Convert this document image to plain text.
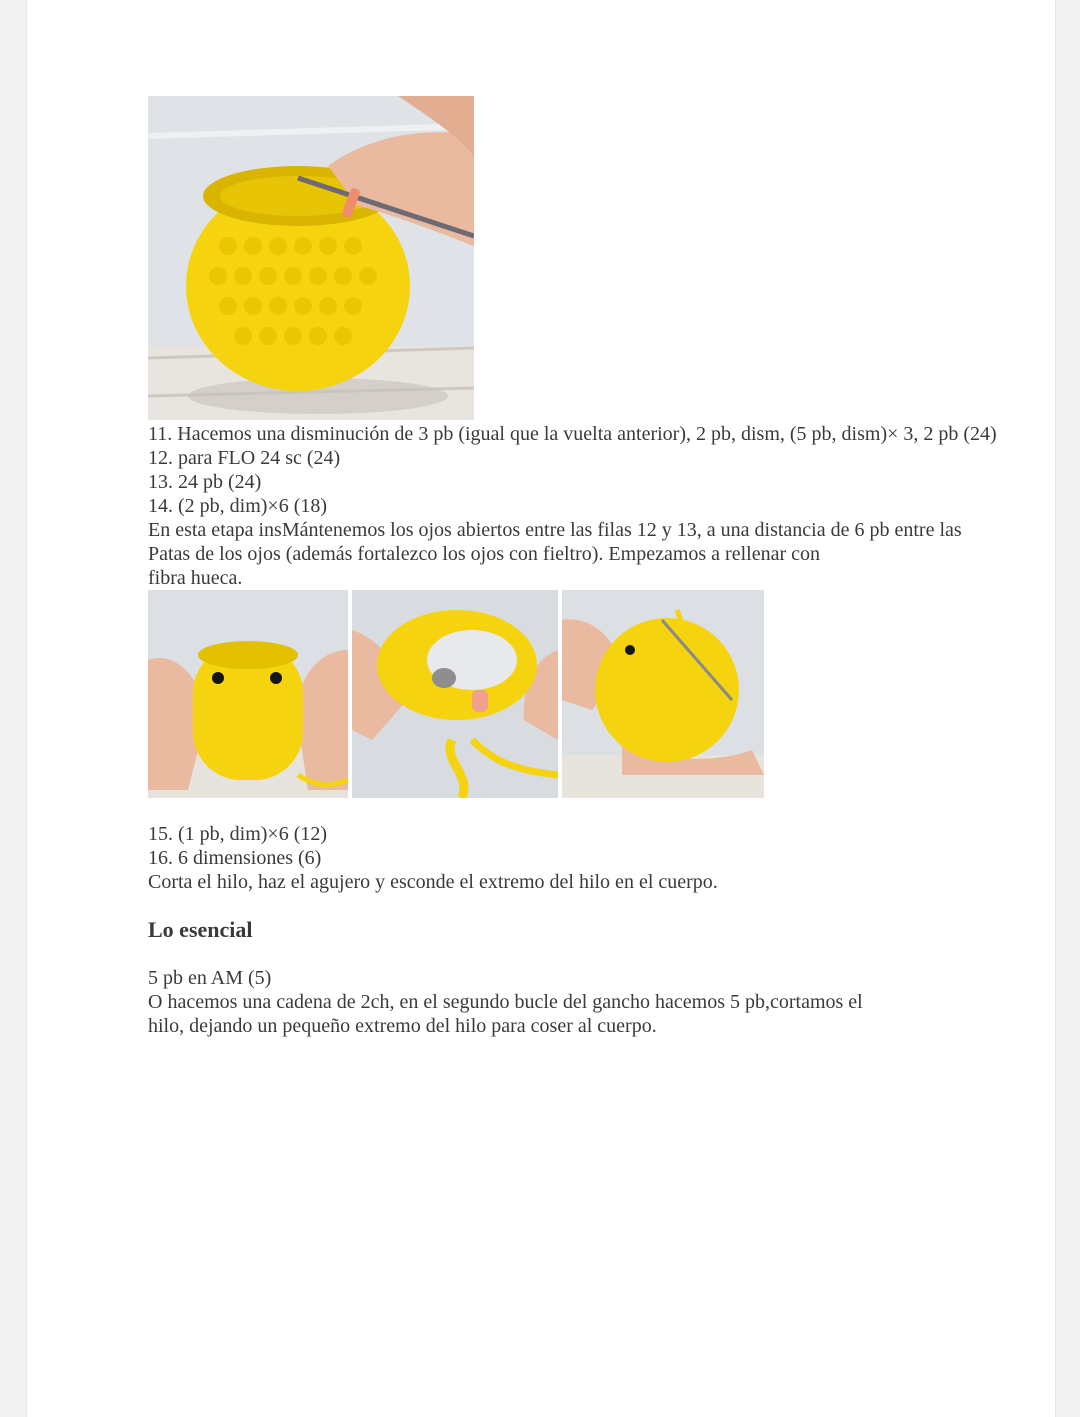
11. Hacemos una disminución de 3 pb (igual que la vuelta anterior), 2 pb, dism, (5 pb, dism)× 3, 2 pb (24)

12. para FLO 24 sc (24)

13. 24 pb (24)

14. (2 pb, dim)×6 (18)

En esta etapa insMántenemos los ojos abiertos entre las filas 12 y 13, a una distancia de 6 pb entre las

Patas de los ojos (además fortalezco los ojos con fieltro). Empezamos a rellenar con

fibra hueca.

15. (1 pb, dim)×6 (12)

16. 6 dimensiones (6)

Corta el hilo, haz el agujero y esconde el extremo del hilo en el cuerpo.

Lo esencial

5 pb en AM (5)

O hacemos una cadena de 2ch, en el segundo bucle del gancho hacemos 5 pb,cortamos el

hilo, dejando un pequeño extremo del hilo para coser al cuerpo.
